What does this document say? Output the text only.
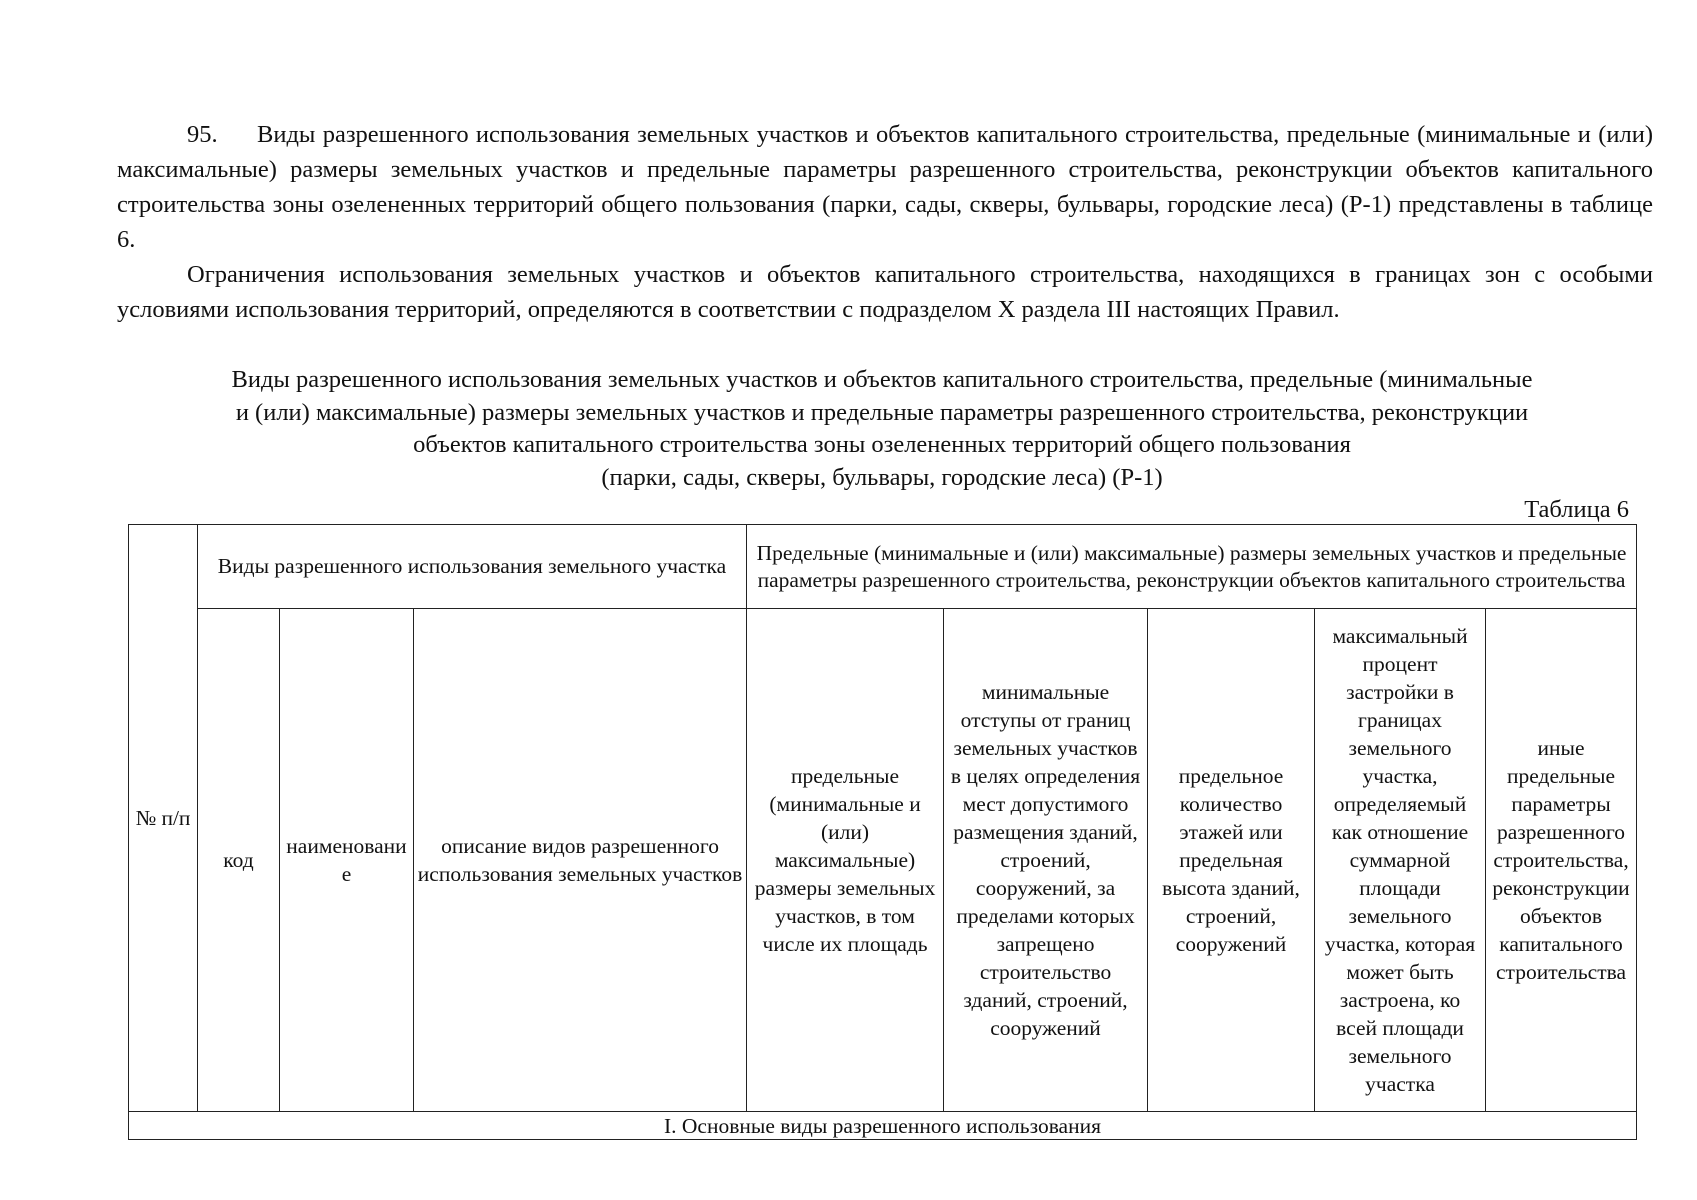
95. Виды разрешенного использования земельных участков и объектов капитального строительства, предельные (минимальные и (или) максимальные) размеры земельных участков и предельные параметры разрешенного строительства, реконструкции объектов капитального строительства зоны озелененных территорий общего пользования (парки, сады, скверы, бульвары, городские леса) (Р-1) представлены в таблице 6.

Ограничения использования земельных участков и объектов капитального строительства, находящихся в границах зон с особыми условиями использования территорий, определяются в соответствии с подразделом X раздела III настоящих Правил.

Виды разрешенного использования земельных участков и объектов капитального строительства, предельные (минимальные
и (или) максимальные) размеры земельных участков и предельные параметры разрешенного строительства, реконструкции
объектов капитального строительства зоны озелененных территорий общего пользования
(парки, сады, скверы, бульвары, городские леса) (Р-1)
Таблица 6
№ п/п	Виды разрешенного использования земельного участка			Предельные (минимальные и (или) максимальные) размеры земельных участков и предельные параметры разрешенного строительства, реконструкции объектов капитального строительства				
	код	наименование	описание видов разрешенного использования земельных участков	предельные (минимальные и (или) максимальные) размеры земельных участков, в том числе их площадь	минимальные отступы от границ земельных участков в целях определения мест допустимого размещения зданий, строений, сооружений, за пределами которых запрещено строительство зданий, строений, сооружений	предельное количество этажей или предельная высота зданий, строений, сооружений	максимальный процент застройки в границах земельного участка, определяемый как отношение суммарной площади земельного участка, которая может быть застроена, ко всей площади земельного участка	иные предельные параметры разрешенного строительства, реконструкции объектов капитального строительства
I. Основные виды разрешенного использования								
